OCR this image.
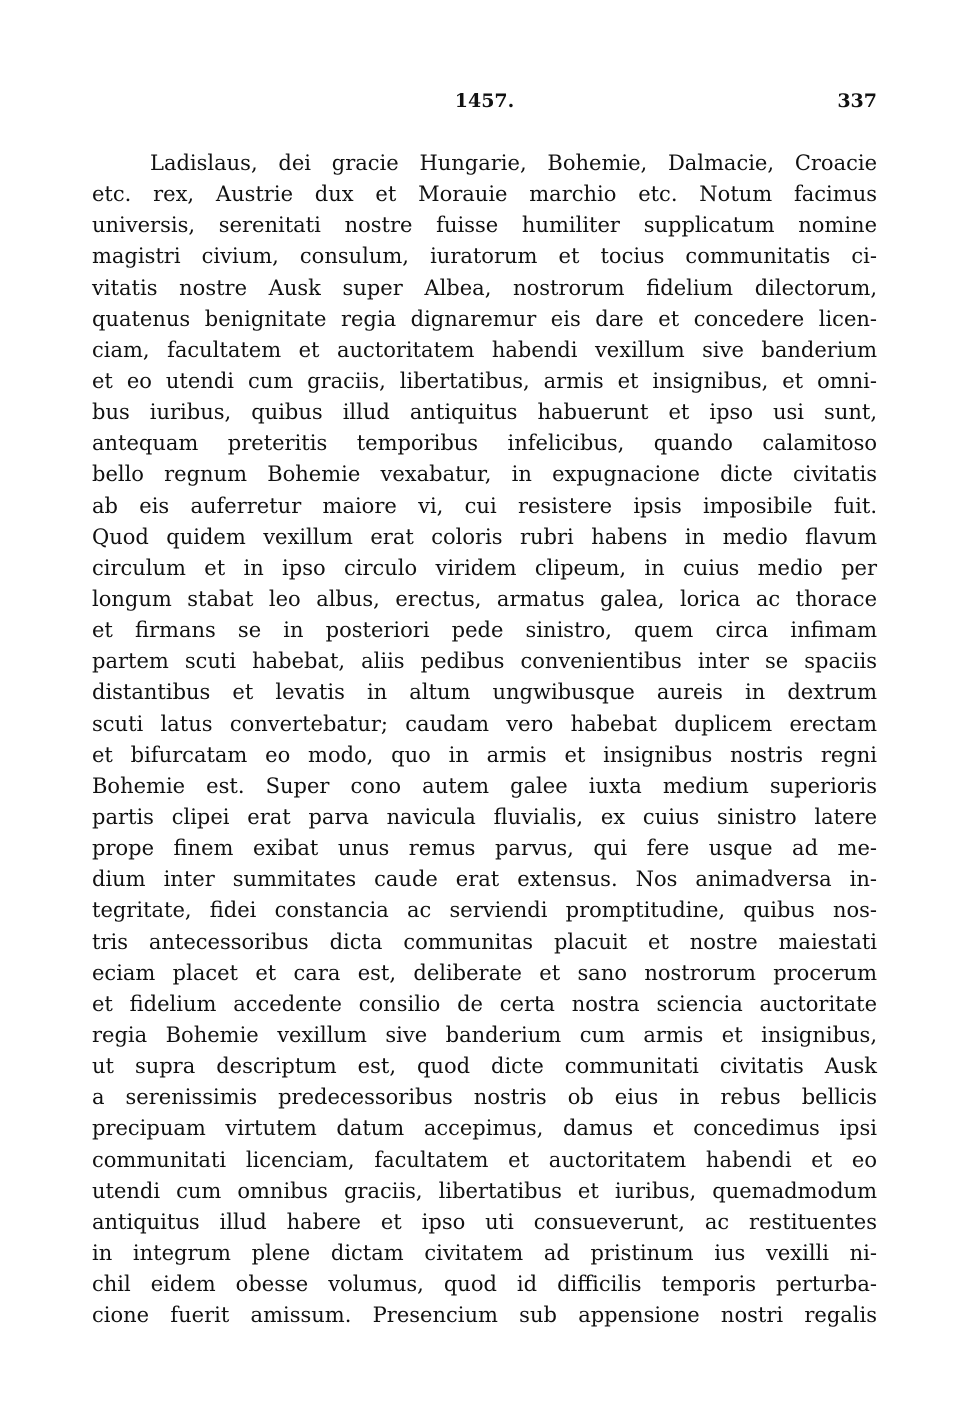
1457.	337
Ladislaus, dei gracie Hungarie, Bohemie, Dalmacie, Croacie
etc. rex, Austrie dux et Morauie marchio etc. Notum facimus
universis, serenitati nostre fuisse humiliter supplicatum nomine
magistri civium, consulum, iuratorum et tocius communitatis ci-
vitatis nostre Ausk super Albea, nostrorum fidelium dilectorum,
quatenus benignitate regia dignaremur eis dare et concedere licen-
ciam, facultatem et auctoritatem habendi vexillum sive banderium
et eo utendi cum graciis, libertatibus, armis et insignibus, et omni-
bus iuribus, quibus illud antiquitus habuerunt et ipso usi sunt,
antequam preteritis temporibus infelicibus, quando calamitoso
bello regnum Bohemie vexabatur, in expugnacione dicte civitatis
ab eis auferretur maiore vi, cui resistere ipsis imposibile fuit.
Quod quidem vexillum erat coloris rubri habens in medio flavum
circulum et in ipso circulo viridem clipeum, in cuius medio per
longum stabat leo albus, erectus, armatus galea, lorica ac thorace
et firmans se in posteriori pede sinistro, quem circa infimam
partem scuti habebat, aliis pedibus convenientibus inter se spaciis
distantibus et levatis in altum ungwibusque aureis in dextrum
scuti latus convertebatur; caudam vero habebat duplicem erectam
et bifurcatam eo modo, quo in armis et insignibus nostris regni
Bohemie est. Super cono autem galee iuxta medium superioris
partis clipei erat parva navicula fluvialis, ex cuius sinistro latere
prope finem exibat unus remus parvus, qui fere usque ad me-
dium inter summitates caude erat extensus. Nos animadversa in-
tegritate, fidei constancia ac serviendi promptitudine, quibus nos-
tris antecessoribus dicta communitas placuit et nostre maiestati
eciam placet et cara est, deliberate et sano nostrorum procerum
et fidelium accedente consilio de certa nostra sciencia auctoritate
regia Bohemie vexillum sive banderium cum armis et insignibus,
ut supra descriptum est, quod dicte communitati civitatis Ausk
a serenissimis predecessoribus nostris ob eius in rebus bellicis
precipuam virtutem datum accepimus, damus et concedimus ipsi
communitati licenciam, facultatem et auctoritatem habendi et eo
utendi cum omnibus graciis, libertatibus et iuribus, quemadmodum
antiquitus illud habere et ipso uti consueverunt, ac restituentes
in integrum plene dictam civitatem ad pristinum ius vexilli ni-
chil eidem obesse volumus, quod id difficilis temporis perturba-
cione fuerit amissum. Presencium sub appensione nostri regalis
